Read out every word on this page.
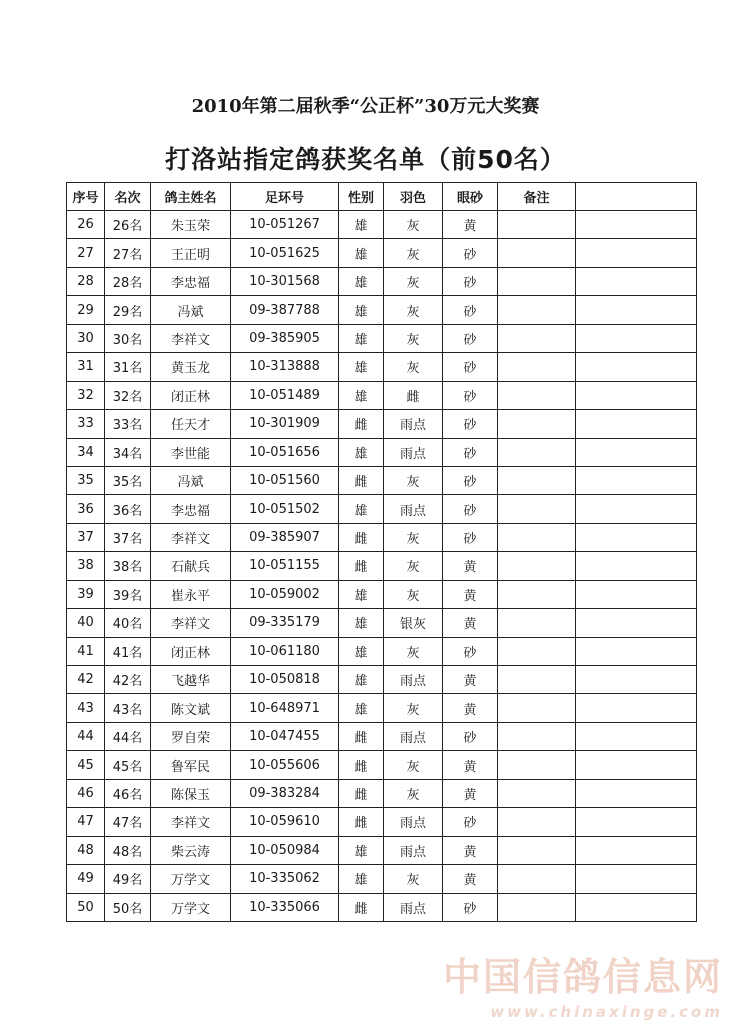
2010年第二届秋季“公正杯”30万元大奖赛
打洛站指定鸽获奖名单（前50名）
序号	名次	鸽主姓名	足环号	性别	羽色	眼砂	备注	
26	26名	朱玉荣	10-051267	雄	灰	黄		
27	27名	王正明	10-051625	雄	灰	砂		
28	28名	李忠福	10-301568	雄	灰	砂		
29	29名	冯斌	09-387788	雄	灰	砂		
30	30名	李祥文	09-385905	雄	灰	砂		
31	31名	黄玉龙	10-313888	雄	灰	砂		
32	32名	闭正林	10-051489	雄	雌	砂		
33	33名	任天才	10-301909	雌	雨点	砂		
34	34名	李世能	10-051656	雄	雨点	砂		
35	35名	冯斌	10-051560	雌	灰	砂		
36	36名	李忠福	10-051502	雄	雨点	砂		
37	37名	李祥文	09-385907	雌	灰	砂		
38	38名	石献兵	10-051155	雌	灰	黄		
39	39名	崔永平	10-059002	雄	灰	黄		
40	40名	李祥文	09-335179	雄	银灰	黄		
41	41名	闭正林	10-061180	雄	灰	砂		
42	42名	飞越华	10-050818	雄	雨点	黄		
43	43名	陈文斌	10-648971	雄	灰	黄		
44	44名	罗自荣	10-047455	雌	雨点	砂		
45	45名	鲁军民	10-055606	雌	灰	黄		
46	46名	陈保玉	09-383284	雌	灰	黄		
47	47名	李祥文	10-059610	雌	雨点	砂		
48	48名	柴云涛	10-050984	雄	雨点	黄		
49	49名	万学文	10-335062	雄	灰	黄		
50	50名	万学文	10-335066	雌	雨点	砂		
中国信鸽信息网
www.chinaxinge.com
